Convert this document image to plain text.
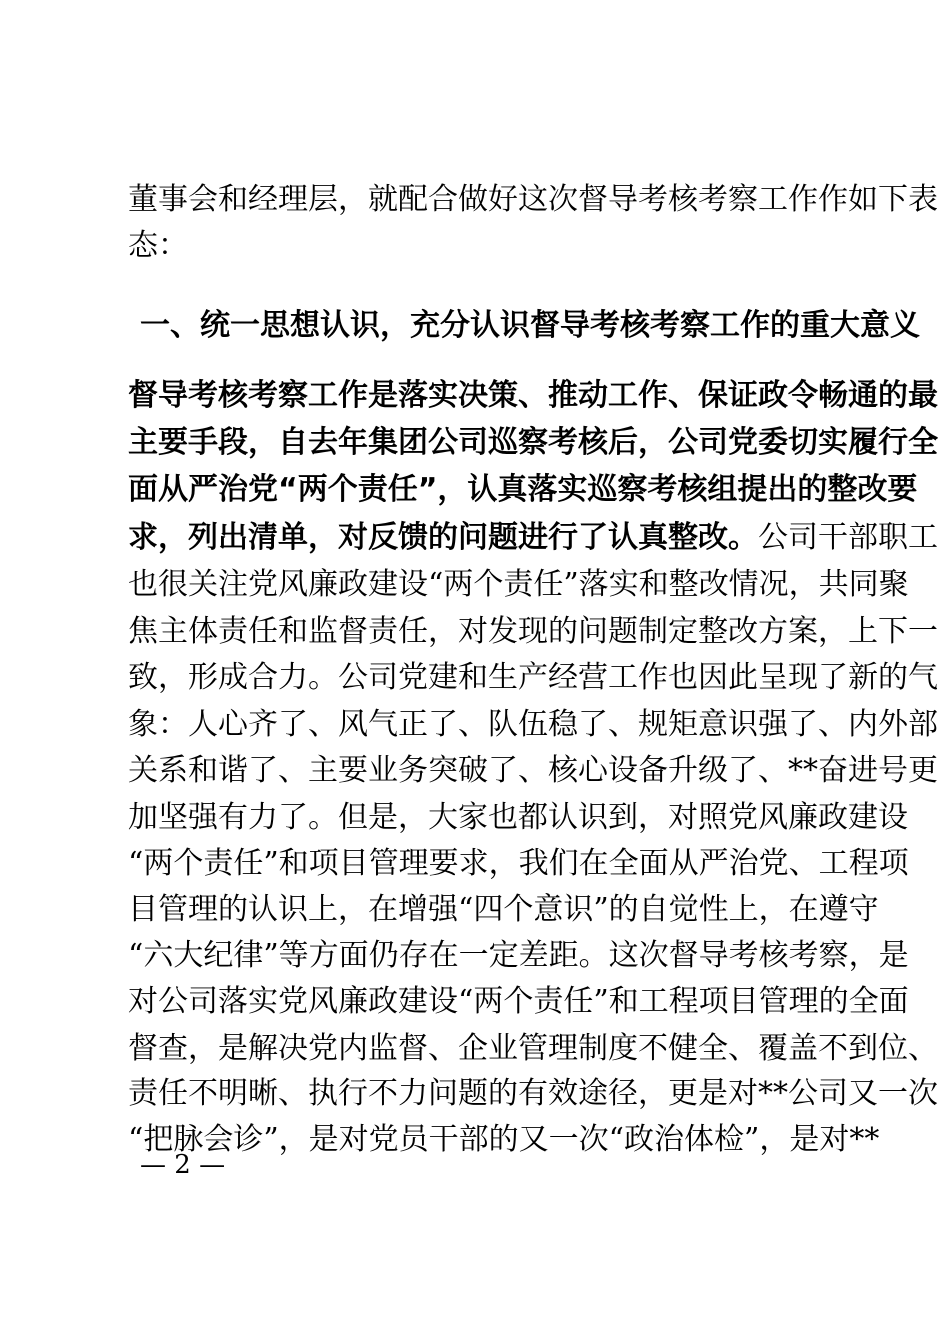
董事会和经理层，就配合做好这次督导考核考察工作作如下表
态：
一、统一思想认识，充分认识督导考核考察工作的重大意义
督导考核考察工作是落实决策、推动工作、保证政令畅通的最
主要手段，自去年集团公司巡察考核后，公司党委切实履行全
面从严治党“两个责任”，认真落实巡察考核组提出的整改要
求，列出清单，对反馈的问题进行了认真整改。公司干部职工
也很关注党风廉政建设“两个责任”落实和整改情况，共同聚
焦主体责任和监督责任，对发现的问题制定整改方案，上下一
致，形成合力。公司党建和生产经营工作也因此呈现了新的气
象：人心齐了、风气正了、队伍稳了、规矩意识强了、内外部
关系和谐了、主要业务突破了、核心设备升级了、**奋进号更
加坚强有力了。但是，大家也都认识到，对照党风廉政建设
“两个责任”和项目管理要求，我们在全面从严治党、工程项
目管理的认识上，在增强“四个意识”的自觉性上，在遵守
“六大纪律”等方面仍存在一定差距。这次督导考核考察，是
对公司落实党风廉政建设“两个责任”和工程项目管理的全面
督查，是解决党内监督、企业管理制度不健全、覆盖不到位、
责任不明晰、执行不力问题的有效途径，更是对**公司又一次
“把脉会诊”，是对党员干部的又一次“政治体检”，是对**
— 2 —
